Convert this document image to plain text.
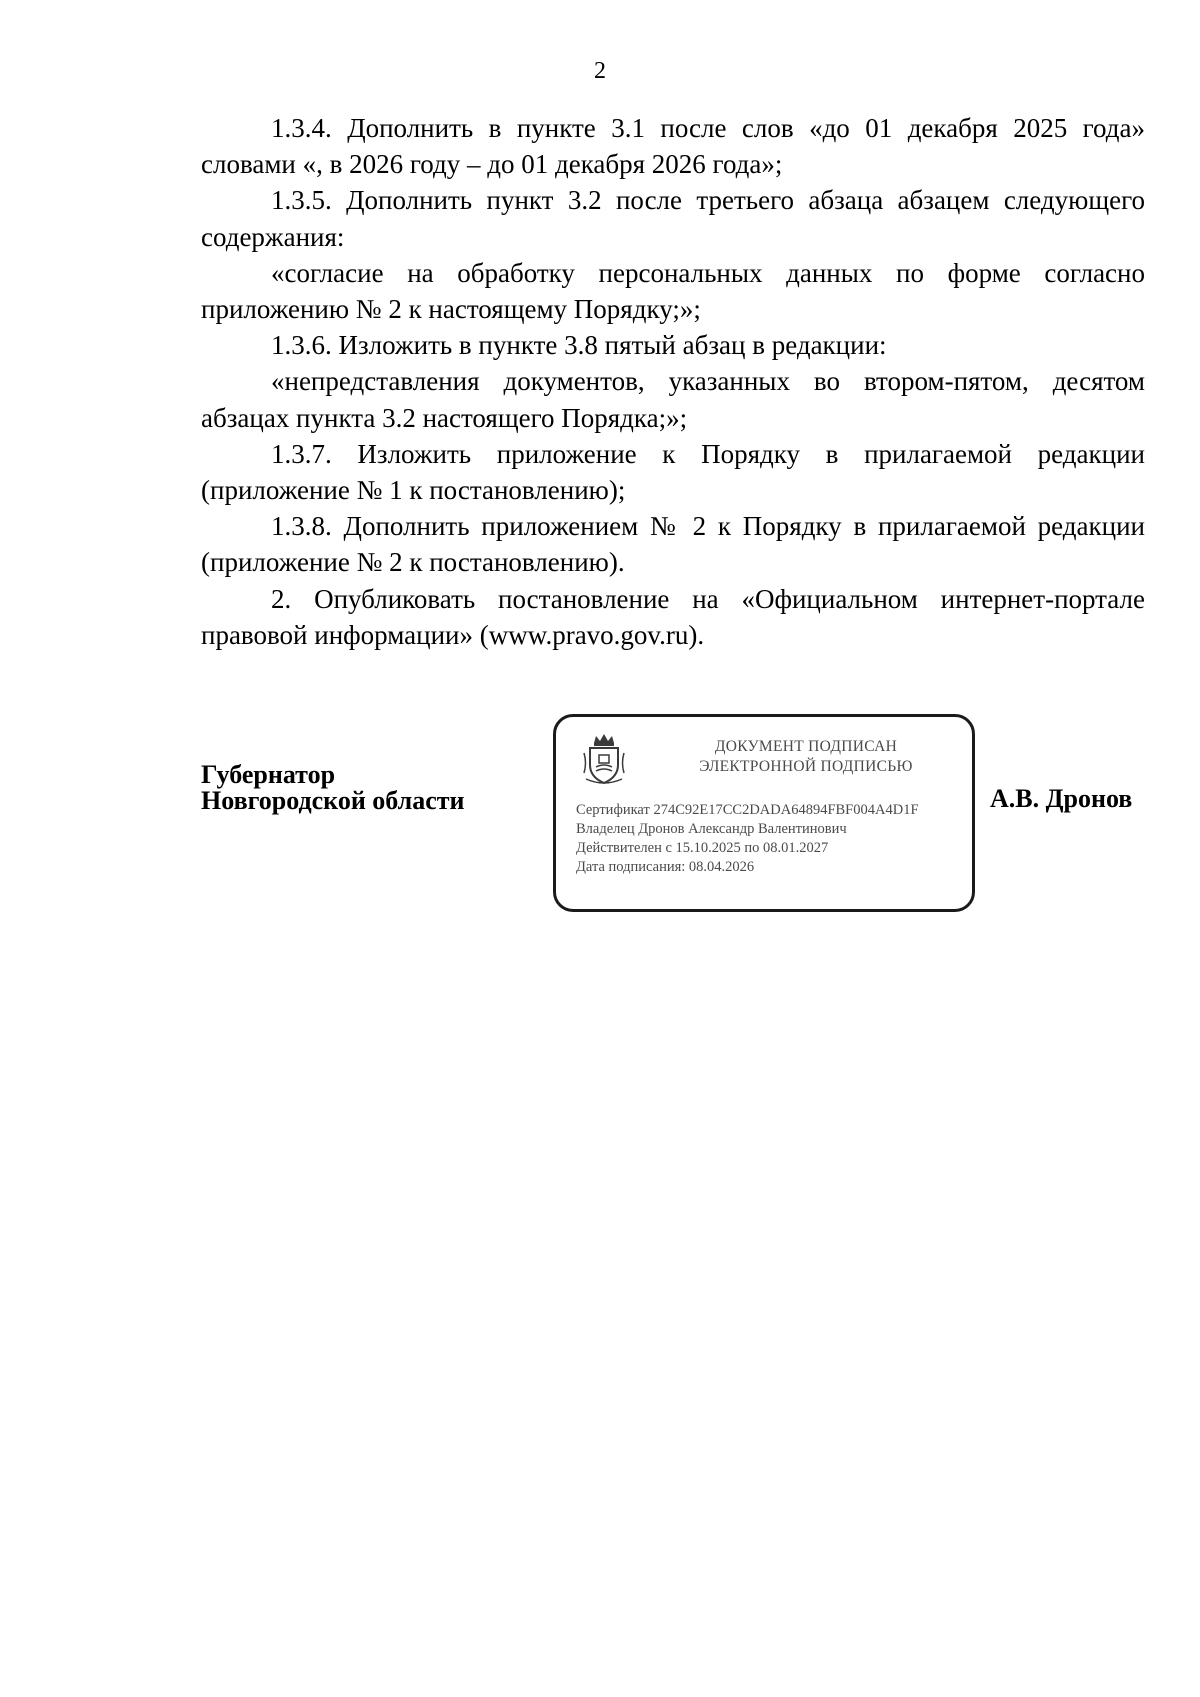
2

1.3.4. Дополнить в пункте 3.1 после слов «до 01 декабря 2025 года» словами «, в 2026 году – до 01 декабря 2026 года»;

1.3.5. Дополнить пункт 3.2 после третьего абзаца абзацем следующего содержания:

«согласие на обработку персональных данных по форме согласно приложению № 2 к настоящему Порядку;»;

1.3.6. Изложить в пункте 3.8 пятый абзац в редакции:

«непредставления документов, указанных во втором-пятом, десятом абзацах пункта 3.2 настоящего Порядка;»;

1.3.7. Изложить приложение к Порядку в прилагаемой редакции (приложение № 1 к постановлению);

1.3.8. Дополнить приложением № 2 к Порядку в прилагаемой редакции (приложение № 2 к постановлению).

2. Опубликовать постановление на «Официальном интернет-портале правовой информации» (www.pravo.gov.ru).

Губернатор
Новгородской области
ДОКУМЕНТ ПОДПИСАН
ЭЛЕКТРОННОЙ ПОДПИСЬЮ
Сертификат 274C92E17CC2DADA64894FBF004A4D1F
Владелец Дронов Александр Валентинович
Действителен с 15.10.2025 по 08.01.2027
Дата подписания: 08.04.2026
А.В. Дронов
